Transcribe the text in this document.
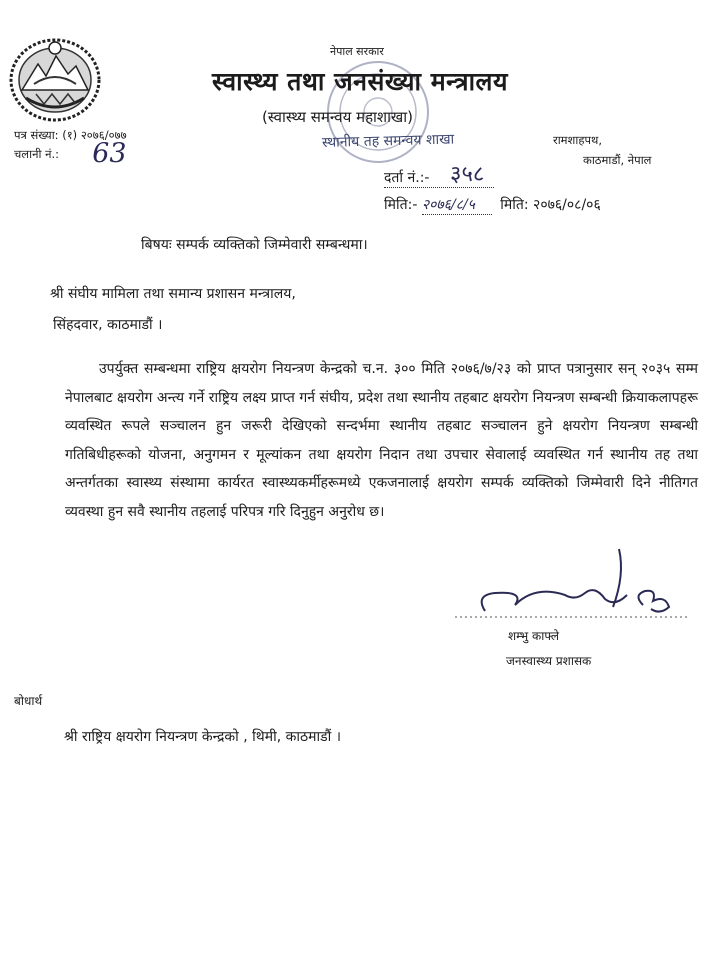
नेपाल सरकार
स्वास्थ्य तथा जनसंख्या मन्त्रालय
(स्वास्थ्य समन्वय महाशाखा)
पत्र संख्या: (१) २०७६/०७७
चलानी नं.: 63	रामशाहपथ,
काठमाडौं, नेपाल
स्थानीय तह समन्वय शाखा
दर्ता नं.:- ३५८
मिति:- २०७६/८/५ मिति: २०७६/०८/०६
बिषयः सम्पर्क व्यक्तिको जिम्मेवारी सम्बन्धमा।
श्री संघीय मामिला तथा समान्य प्रशासन मन्त्रालय,
सिंहदवार, काठमाडौं ।
उपर्युक्त सम्बन्धमा राष्ट्रिय क्षयरोग नियन्त्रण केन्द्रको च.न. ३०० मिति २०७६/७/२३ को प्राप्त पत्रानुसार सन् २०३५ सम्म नेपालबाट क्षयरोग अन्त्य गर्ने राष्ट्रिय लक्ष्य प्राप्त गर्न संघीय, प्रदेश तथा स्थानीय तहबाट क्षयरोग नियन्त्रण सम्बन्धी क्रियाकलापहरू व्यवस्थित रूपले सञ्चालन हुन जरूरी देखिएको सन्दर्भमा स्थानीय तहबाट सञ्चालन हुने क्षयरोग नियन्त्रण सम्बन्धी गतिबिधीहरूको योजना, अनुगमन र मूल्यांकन तथा क्षयरोग निदान तथा उपचार सेवालाई व्यवस्थित गर्न स्थानीय तह तथा अन्तर्गतका स्वास्थ्य संस्थामा कार्यरत स्वास्थ्यकर्मीहरूमध्ये एकजनालाई क्षयरोग सम्पर्क व्यक्तिको जिम्मेवारी दिने नीतिगत व्यवस्था हुन सवै स्थानीय तहलाई परिपत्र गरि दिनुहुन अनुरोध छ।
शम्भु काफ्ले
जनस्वास्थ्य प्रशासक
बोधार्थ
श्री राष्ट्रिय क्षयरोग नियन्त्रण केन्द्रको , थिमी, काठमाडौं ।
